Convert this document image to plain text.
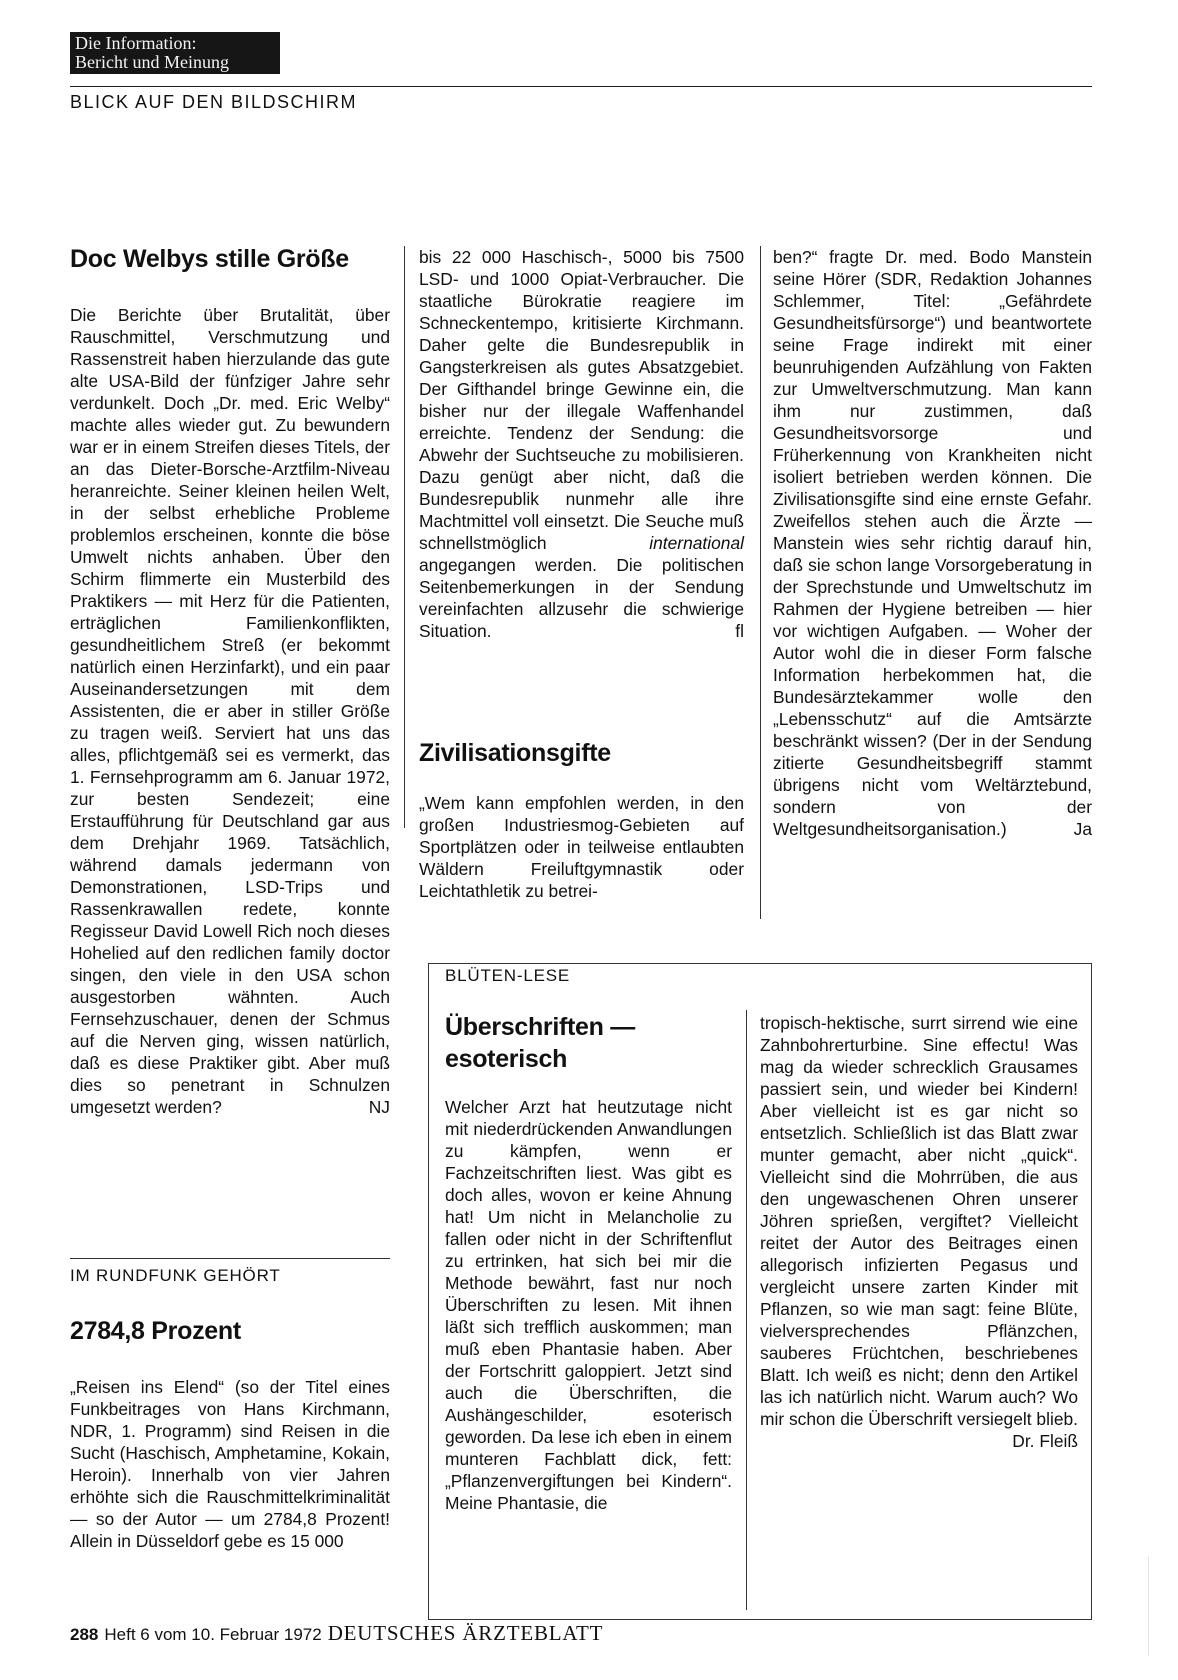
Die Information:
Bericht und Meinung
BLICK AUF DEN BILDSCHIRM
Doc Welbys stille Größe

Die Berichte über Brutalität, über Rauschmittel, Verschmutzung und Rassenstreit haben hierzulande das gute alte USA-Bild der fünfziger Jahre sehr verdunkelt. Doch „Dr. med. Eric Welby“ machte alles wieder gut. Zu bewundern war er in einem Streifen dieses Titels, der an das Dieter-Borsche-Arztfilm-Niveau heranreichte. Seiner kleinen heilen Welt, in der selbst erhebliche Probleme problemlos erscheinen, konnte die böse Umwelt nichts anhaben. Über den Schirm flimmerte ein Musterbild des Praktikers — mit Herz für die Patienten, erträglichen Familienkonflikten, gesundheitlichem Streß (er bekommt natürlich einen Herzinfarkt), und ein paar Auseinandersetzungen mit dem Assistenten, die er aber in stiller Größe zu tragen weiß. Serviert hat uns das alles, pflichtgemäß sei es vermerkt, das 1. Fernsehprogramm am 6. Januar 1972, zur besten Sendezeit; eine Erstaufführung für Deutschland gar aus dem Drehjahr 1969. Tatsächlich, während damals jedermann von Demonstrationen, LSD-Trips und Rassenkrawallen redete, konnte Regisseur David Lowell Rich noch dieses Hohelied auf den redlichen family doctor singen, den viele in den USA schon ausgestorben wähnten. Auch Fernsehzuschauer, denen der Schmus auf die Nerven ging, wissen natürlich, daß es diese Praktiker gibt. Aber muß dies so penetrant in Schnulzen umgesetzt werden?	NJ

IM RUNDFUNK GEHÖRT
2784,8 Prozent

„Reisen ins Elend“ (so der Titel eines Funkbeitrages von Hans Kirchmann, NDR, 1. Programm) sind Reisen in die Sucht (Haschisch, Amphetamine, Kokain, Heroin). Innerhalb von vier Jahren erhöhte sich die Rauschmittelkriminalität — so der Autor — um 2784,8 Prozent! Allein in Düsseldorf gebe es 15 000

bis 22 000 Haschisch-, 5000 bis 7500 LSD- und 1000 Opiat-Verbraucher. Die staatliche Bürokratie reagiere im Schneckentempo, kritisierte Kirchmann. Daher gelte die Bundesrepublik in Gangsterkreisen als gutes Absatzgebiet. Der Gifthandel bringe Gewinne ein, die bisher nur der illegale Waffenhandel erreichte. Tendenz der Sendung: die Abwehr der Suchtseuche zu mobilisieren. Dazu genügt aber nicht, daß die Bundesrepublik nunmehr alle ihre Machtmittel voll einsetzt. Die Seuche muß schnellstmöglich	international angegangen werden. Die politischen Seitenbemerkungen in der Sendung vereinfachten allzusehr die schwierige Situation.	fl

Zivilisationsgifte

„Wem kann empfohlen werden, in den großen Industriesmog-Gebieten auf Sportplätzen oder in teilweise entlaubten Wäldern Freiluftgymnastik oder Leichtathletik zu betrei-

ben?“ fragte Dr. med. Bodo Manstein seine Hörer (SDR, Redaktion Johannes Schlemmer, Titel: „Gefährdete Gesundheitsfürsorge“) und beantwortete seine Frage indirekt mit einer beunruhigenden Aufzählung von Fakten zur Umweltverschmutzung. Man kann ihm nur zustimmen, daß Gesundheitsvorsorge und Früherkennung von Krankheiten nicht isoliert betrieben werden können. Die Zivilisationsgifte sind eine ernste Gefahr. Zweifellos stehen auch die Ärzte — Manstein wies sehr richtig darauf hin, daß sie schon lange Vorsorgeberatung in der Sprechstunde und Umweltschutz im Rahmen der Hygiene betreiben — hier vor wichtigen Aufgaben. — Woher der Autor wohl die in dieser Form falsche Information herbekommen hat, die Bundesärztekammer wolle den „Lebensschutz“ auf die Amtsärzte beschränkt wissen? (Der in der Sendung zitierte Gesundheitsbegriff stammt übrigens nicht vom Weltärztebund, sondern von der Weltgesundheitsorganisation.)	Ja

BLÜTEN-LESE
Überschriften —
esoterisch

Welcher Arzt hat heutzutage nicht mit niederdrückenden Anwandlungen zu kämpfen, wenn er Fachzeitschriften liest. Was gibt es doch alles, wovon er keine Ahnung hat! Um nicht in Melancholie zu fallen oder nicht in der Schriftenflut zu ertrinken, hat sich bei mir die Methode bewährt, fast nur noch Überschriften zu lesen. Mit ihnen läßt sich trefflich auskommen; man muß eben Phantasie haben. Aber der Fortschritt galoppiert. Jetzt sind auch die Überschriften, die Aushängeschilder, esoterisch geworden. Da lese ich eben in einem munteren Fachblatt dick, fett: „Pflanzenvergiftungen bei Kindern“. Meine Phantasie, die

tropisch-hektische, surrt sirrend wie eine Zahnbohrerturbine. Sine effectu! Was mag da wieder schrecklich Grausames passiert sein, und wieder bei Kindern! Aber vielleicht ist es gar nicht so entsetzlich. Schließlich ist das Blatt zwar munter gemacht, aber nicht „quick“. Vielleicht sind die Mohrrüben, die aus den ungewaschenen Ohren unserer Jöhren sprießen, vergiftet? Vielleicht reitet der Autor des Beitrages einen allegorisch infizierten Pegasus und vergleicht unsere zarten Kinder mit Pflanzen, so wie man sagt: feine Blüte, vielversprechendes Pflänzchen, sauberes Früchtchen, beschriebenes Blatt. Ich weiß es nicht; denn den Artikel las ich natürlich nicht. Warum auch? Wo mir schon die Überschrift versiegelt blieb.
Dr. Fleiß

288 Heft 6 vom 10. Februar 1972 DEUTSCHES ÄRZTEBLATT
